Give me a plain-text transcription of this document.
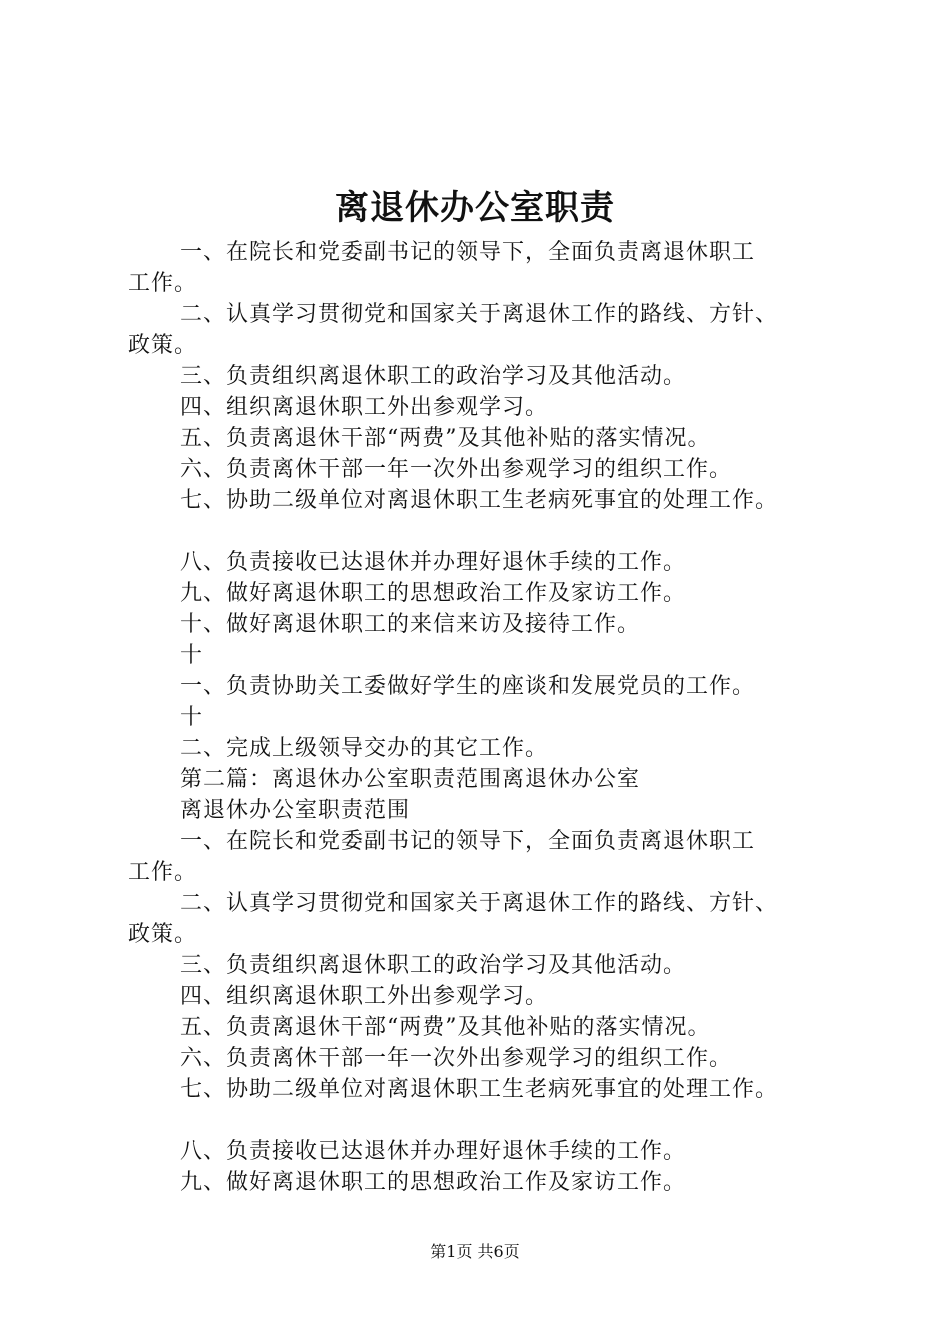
离退休办公室职责
一、在院长和党委副书记的领导下，全面负责离退休职工
工作。
二、认真学习贯彻党和国家关于离退休工作的路线、方针、
政策。
三、负责组织离退休职工的政治学习及其他活动。
四、组织离退休职工外出参观学习。
五、负责离退休干部“两费”及其他补贴的落实情况。
六、负责离休干部一年一次外出参观学习的组织工作。
七、协助二级单位对离退休职工生老病死事宜的处理工作。
八、负责接收已达退休并办理好退休手续的工作。
九、做好离退休职工的思想政治工作及家访工作。
十、做好离退休职工的来信来访及接待工作。
十
一、负责协助关工委做好学生的座谈和发展党员的工作。
十
二、完成上级领导交办的其它工作。
第二篇：离退休办公室职责范围离退休办公室
离退休办公室职责范围
一、在院长和党委副书记的领导下，全面负责离退休职工
工作。
二、认真学习贯彻党和国家关于离退休工作的路线、方针、
政策。
三、负责组织离退休职工的政治学习及其他活动。
四、组织离退休职工外出参观学习。
五、负责离退休干部“两费”及其他补贴的落实情况。
六、负责离休干部一年一次外出参观学习的组织工作。
七、协助二级单位对离退休职工生老病死事宜的处理工作。
八、负责接收已达退休并办理好退休手续的工作。
九、做好离退休职工的思想政治工作及家访工作。
第1页 共6页
